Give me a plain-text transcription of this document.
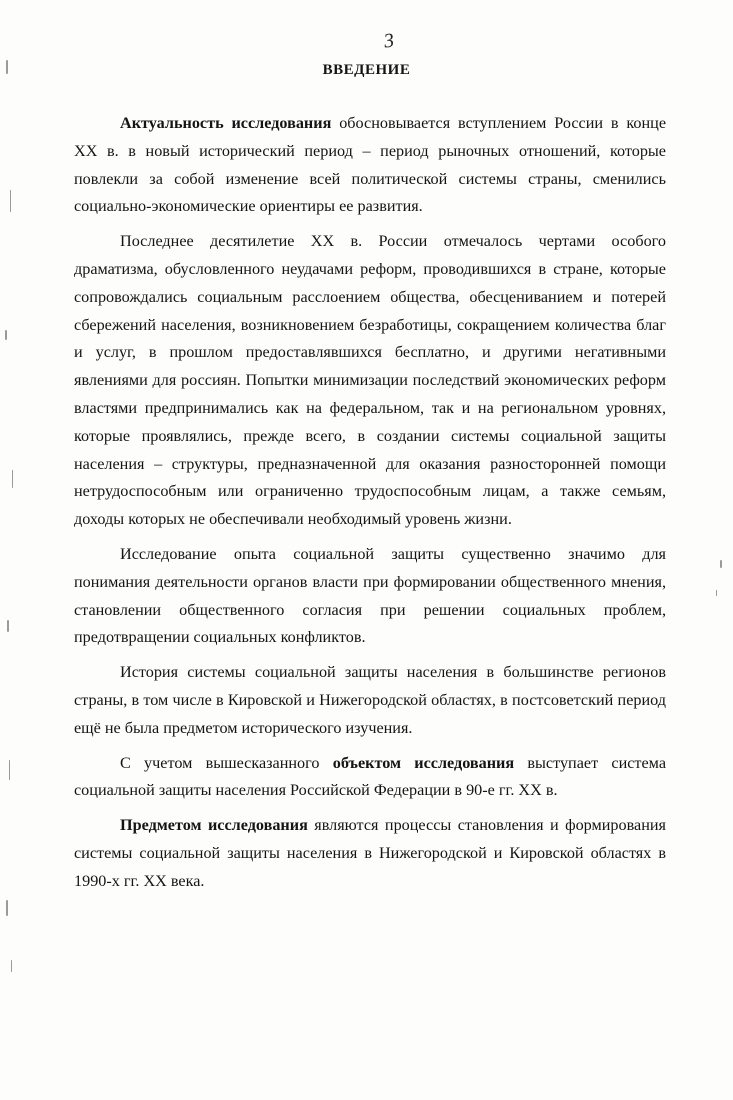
3
ВВЕДЕНИЕ

Актуальность исследования обосновывается вступлением России в конце XX в. в новый исторический период – период рыночных отношений, которые повлекли за собой изменение всей политической системы страны, сменились социально-экономические ориентиры ее развития.

Последнее десятилетие XX в. России отмечалось чертами особого драматизма, обусловленного неудачами реформ, проводившихся в стране, которые сопровождались социальным расслоением общества, обесцениванием и потерей сбережений населения, возникновением безработицы, сокращением количества благ и услуг, в прошлом предоставлявшихся бесплатно, и другими негативными явлениями для россиян. Попытки минимизации последствий экономических реформ властями предпринимались как на федеральном, так и на региональном уровнях, которые проявлялись, прежде всего, в создании системы социальной защиты населения – структуры, предназначенной для оказания разносторонней помощи нетрудоспособным или ограниченно трудоспособным лицам, а также семьям, доходы которых не обеспечивали необходимый уровень жизни.

Исследование опыта социальной защиты существенно значимо для понимания деятельности органов власти при формировании общественного мнения, становлении общественного согласия при решении социальных проблем, предотвращении социальных конфликтов.

История системы социальной защиты населения в большинстве регионов страны, в том числе в Кировской и Нижегородской областях, в постсоветский период ещё не была предметом исторического изучения.

С учетом вышесказанного объектом исследования выступает система социальной защиты населения Российской Федерации в 90-е гг. XX в.

Предметом исследования являются процессы становления и формирования системы социальной защиты населения в Нижегородской и Кировской областях в 1990-х гг. XX века.
